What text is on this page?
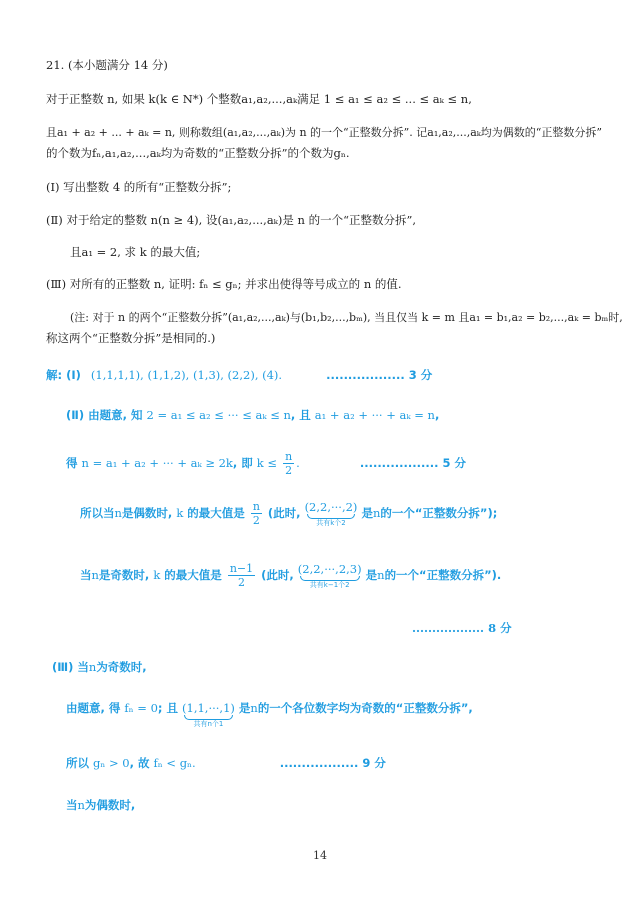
21. (本小题满分 14 分)
对于正整数 n, 如果 k(k ∈ N*) 个整数a₁,a₂,...,aₖ满足 1 ≤ a₁ ≤ a₂ ≤ ... ≤ aₖ ≤ n,
且a₁ + a₂ + ... + aₖ = n, 则称数组(a₁,a₂,...,aₖ)为 n 的一个“正整数分拆”. 记a₁,a₂,...,aₖ均为偶数的“正整数分拆”
的个数为fₙ,a₁,a₂,...,aₖ均为奇数的“正整数分拆”的个数为gₙ.
(Ⅰ) 写出整数 4 的所有“正整数分拆”;
(Ⅱ) 对于给定的整数 n(n ≥ 4), 设(a₁,a₂,...,aₖ)是 n 的一个“正整数分拆”,
且a₁ = 2, 求 k 的最大值;
(Ⅲ) 对所有的正整数 n, 证明: fₙ ≤ gₙ; 并求出使得等号成立的 n 的值.
(注: 对于 n 的两个“正整数分拆”(a₁,a₂,...,aₖ)与(b₁,b₂,...,bₘ), 当且仅当 k = m 且a₁ = b₁,a₂ = b₂,...,aₖ = bₘ时,
称这两个“正整数分拆”是相同的.)
解: (Ⅰ) (1,1,1,1), (1,1,2), (1,3), (2,2), (4).	.................. 3 分
(Ⅱ) 由题意, 知 2 = a₁ ≤ a₂ ≤ ··· ≤ aₖ ≤ n, 且 a₁ + a₂ + ··· + aₖ = n,
得 n = a₁ + a₂ + ··· + aₖ ≥ 2k, 即 $k \le \frac{n}{2}$ .	.................. 5 分
所以当n是偶数时, k 的最大值是 $\frac{n}{2}$ (此时, (2,2,···,2)
共有k个2
是n的一个“正整数分拆”);
当n是奇数时, k 的最大值是 $\frac{n-1}{2}$ (此时, (2,2,···,2,3)
共有k−1个2
是n的一个“正整数分拆”).
.................. 8 分
(Ⅲ) 当n为奇数时,
由题意, 得 fₙ = 0; 且 (1,1,···,1)
共有n个1
是n的一个各位数字均为奇数的“正整数分拆”,
所以 gₙ > 0, 故 fₙ < gₙ.	.................. 9 分
当n为偶数时,
14
